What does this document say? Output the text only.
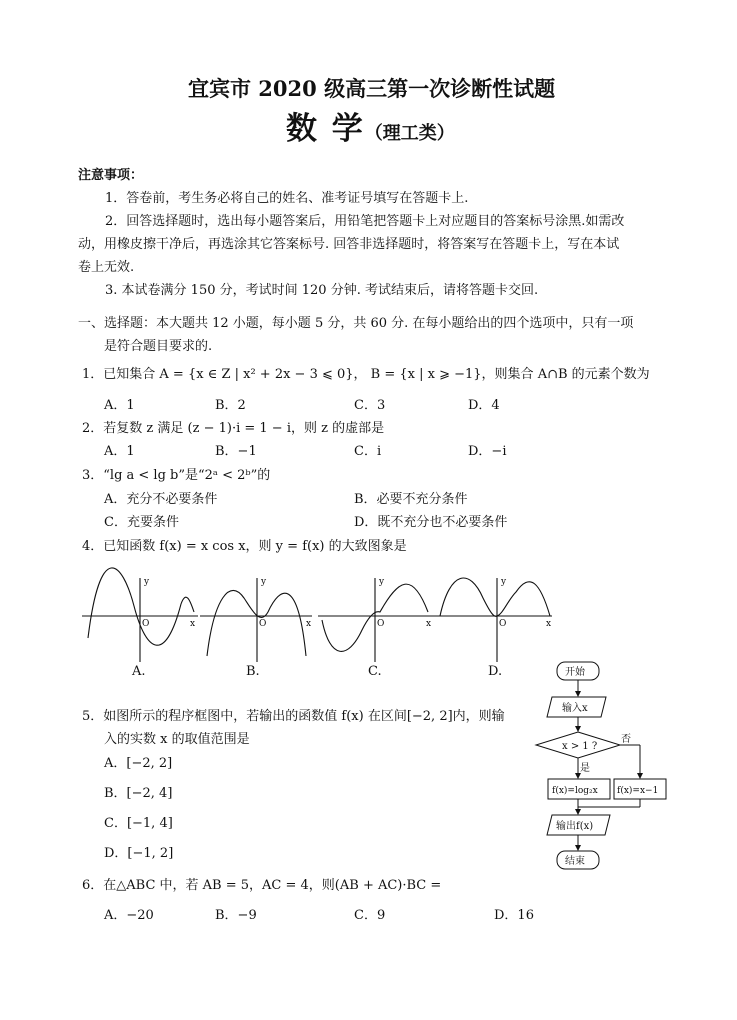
宜宾市 2020 级高三第一次诊断性试题
数 学（理工类）
注意事项：
1．答卷前，考生务必将自己的姓名、准考证号填写在答题卡上.
2．回答选择题时，选出每小题答案后，用铅笔把答题卡上对应题目的答案标号涂黑.如需改
动，用橡皮擦干净后，再选涂其它答案标号. 回答非选择题时，将答案写在答题卡上，写在本试
卷上无效.
3. 本试卷满分 150 分，考试时间 120 分钟. 考试结束后，请将答题卡交回.
一、选择题：本大题共 12 小题，每小题 5 分，共 60 分. 在每小题给出的四个选项中，只有一项
是符合题目要求的.
1．已知集合 A = {x ∈ Z | x² + 2x − 3 ⩽ 0}， B = {x | x ⩾ −1}，则集合 A∩B 的元素个数为
A．1	B．2	C．3	D．4
2．若复数 z 满足 (z − 1)·i = 1 − i，则 z 的虚部是
A．1	B．−1	C．i	D．−i
3．“lg a < lg b”是“2ᵃ < 2ᵇ”的
A．充分不必要条件	B．必要不充分条件
C．充要条件	D．既不充分也不必要条件
4．已知函数 f(x) = x cos x，则 y = f(x) 的大致图象是
y
x
O
y
x
O
y
x
O
y
x
O
A.	B.	C.	D.
5．如图所示的程序框图中，若输出的函数值 f(x) 在区间[−2, 2]内，则输
入的实数 x 的取值范围是
A．[−2, 2]
B．[−2, 4]
C．[−1, 4]
D．[−1, 2]
开始
输入x
x > 1 ?
否
是
f(x)=log₂x f(x)=x−1
输出f(x)
结束
6．在△ABC 中，若 AB = 5，AC = 4，则(AB + AC)·BC =
A．−20	B．−9	C．9	D．16
